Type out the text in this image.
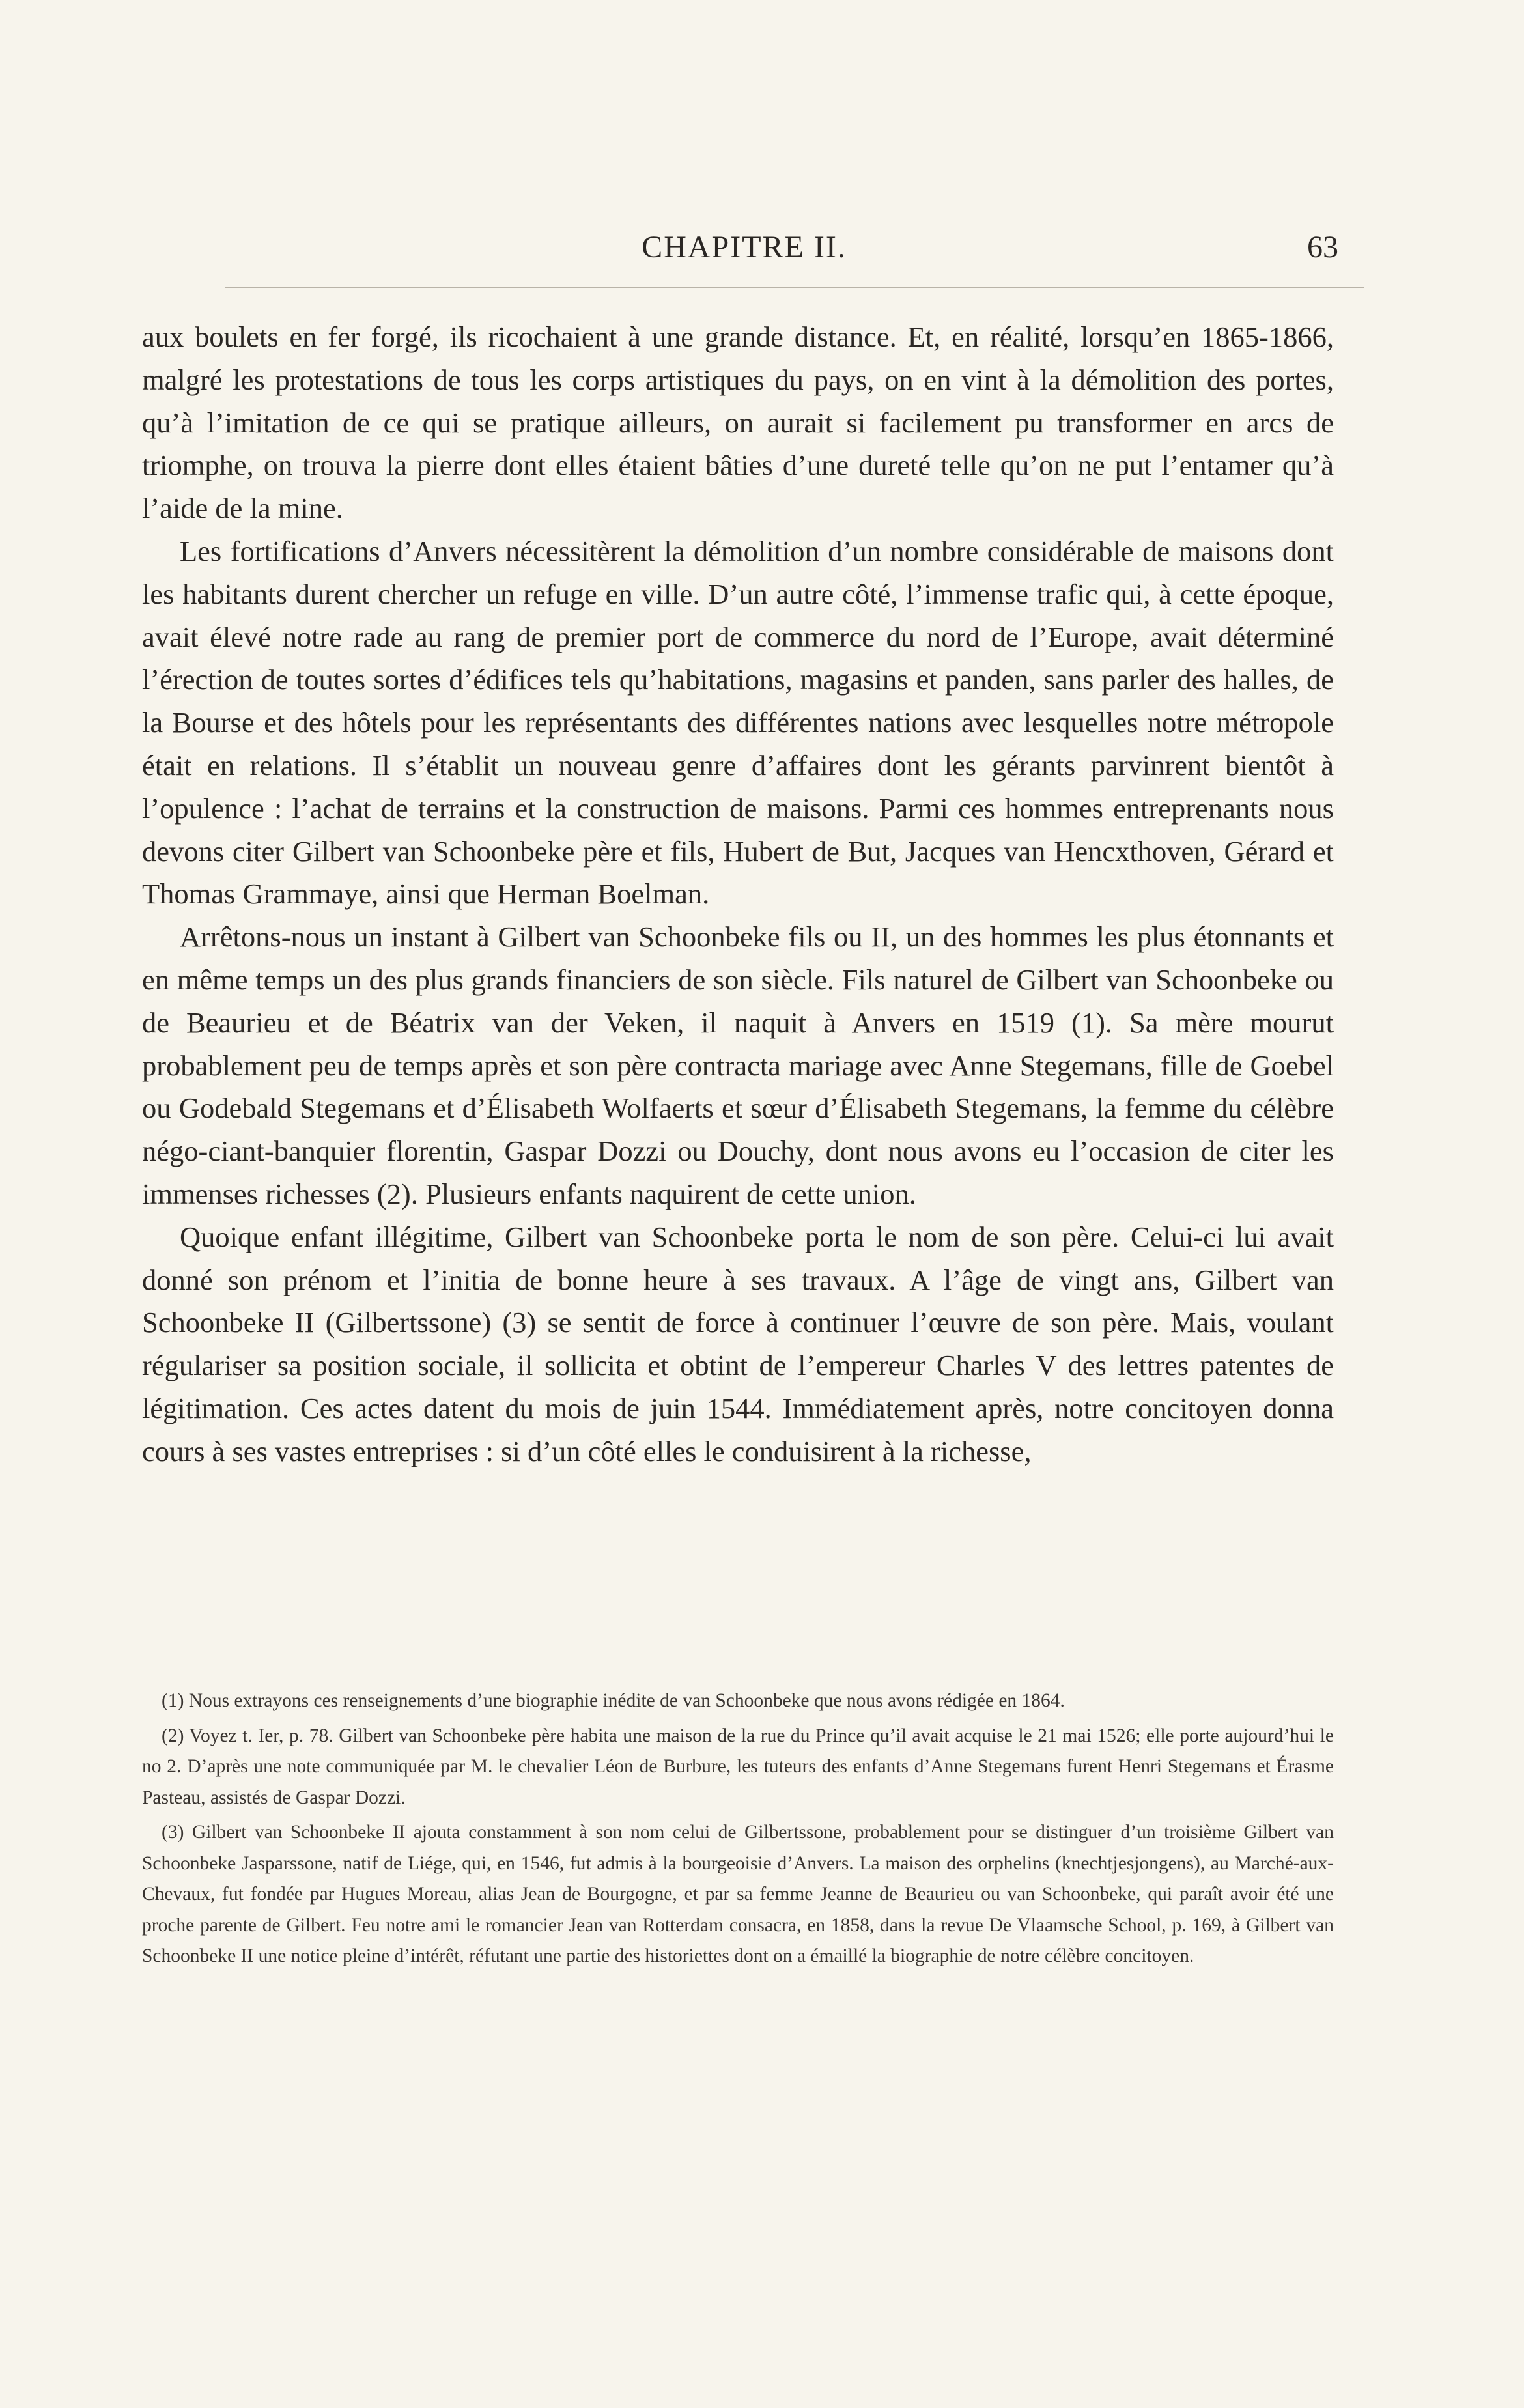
CHAPITRE II.	63

aux boulets en fer forgé, ils ricochaient à une grande distance. Et, en réalité, lorsqu’en 1865-1866, malgré les protestations de tous les corps artistiques du pays, on en vint à la démolition des portes, qu’à l’imitation de ce qui se pratique ailleurs, on aurait si facilement pu transformer en arcs de triomphe, on trouva la pierre dont elles étaient bâties d’une dureté telle qu’on ne put l’entamer qu’à l’aide de la mine.

Les fortifications d’Anvers nécessitèrent la démolition d’un nombre considérable de maisons dont les habitants durent chercher un refuge en ville. D’un autre côté, l’immense trafic qui, à cette époque, avait élevé notre rade au rang de premier port de commerce du nord de l’Europe, avait déterminé l’érection de toutes sortes d’édifices tels qu’habitations, magasins et panden, sans parler des halles, de la Bourse et des hôtels pour les représentants des différentes nations avec lesquelles notre métropole était en relations. Il s’établit un nouveau genre d’affaires dont les gérants parvinrent bientôt à l’opulence : l’achat de terrains et la construction de maisons. Parmi ces hommes entreprenants nous devons citer Gilbert van Schoonbeke père et fils, Hubert de But, Jacques van Hencxthoven, Gérard et Thomas Grammaye, ainsi que Herman Boelman.

Arrêtons-nous un instant à Gilbert van Schoonbeke fils ou II, un des hommes les plus étonnants et en même temps un des plus grands financiers de son siècle. Fils naturel de Gilbert van Schoonbeke ou de Beaurieu et de Béatrix van der Veken, il naquit à Anvers en 1519 (1). Sa mère mourut probablement peu de temps après et son père contracta mariage avec Anne Stegemans, fille de Goebel ou Godebald Stegemans et d’Élisabeth Wolfaerts et sœur d’Élisabeth Stegemans, la femme du célèbre négo-ciant-banquier florentin, Gaspar Dozzi ou Douchy, dont nous avons eu l’occasion de citer les immenses richesses (2). Plusieurs enfants naquirent de cette union.

Quoique enfant illégitime, Gilbert van Schoonbeke porta le nom de son père. Celui-ci lui avait donné son prénom et l’initia de bonne heure à ses travaux. A l’âge de vingt ans, Gilbert van Schoonbeke II (Gilbertssone) (3) se sentit de force à continuer l’œuvre de son père. Mais, voulant régulariser sa position sociale, il sollicita et obtint de l’empereur Charles V des lettres patentes de légitimation. Ces actes datent du mois de juin 1544. Immédiatement après, notre concitoyen donna cours à ses vastes entreprises : si d’un côté elles le conduisirent à la richesse,

(1) Nous extrayons ces renseignements d’une biographie inédite de van Schoonbeke que nous avons rédigée en 1864.

(2) Voyez t. Ier, p. 78. Gilbert van Schoonbeke père habita une maison de la rue du Prince qu’il avait acquise le 21 mai 1526; elle porte aujourd’hui le no 2. D’après une note communiquée par M. le chevalier Léon de Burbure, les tuteurs des enfants d’Anne Stegemans furent Henri Stegemans et Érasme Pasteau, assistés de Gaspar Dozzi.

(3) Gilbert van Schoonbeke II ajouta constamment à son nom celui de Gilbertssone, probablement pour se distinguer d’un troisième Gilbert van Schoonbeke Jasparssone, natif de Liége, qui, en 1546, fut admis à la bourgeoisie d’Anvers. La maison des orphelins (knechtjesjongens), au Marché-aux-Chevaux, fut fondée par Hugues Moreau, alias Jean de Bourgogne, et par sa femme Jeanne de Beaurieu ou van Schoonbeke, qui paraît avoir été une proche parente de Gilbert. Feu notre ami le romancier Jean van Rotterdam consacra, en 1858, dans la revue De Vlaamsche School, p. 169, à Gilbert van Schoonbeke II une notice pleine d’intérêt, réfutant une partie des historiettes dont on a émaillé la biographie de notre célèbre concitoyen.
